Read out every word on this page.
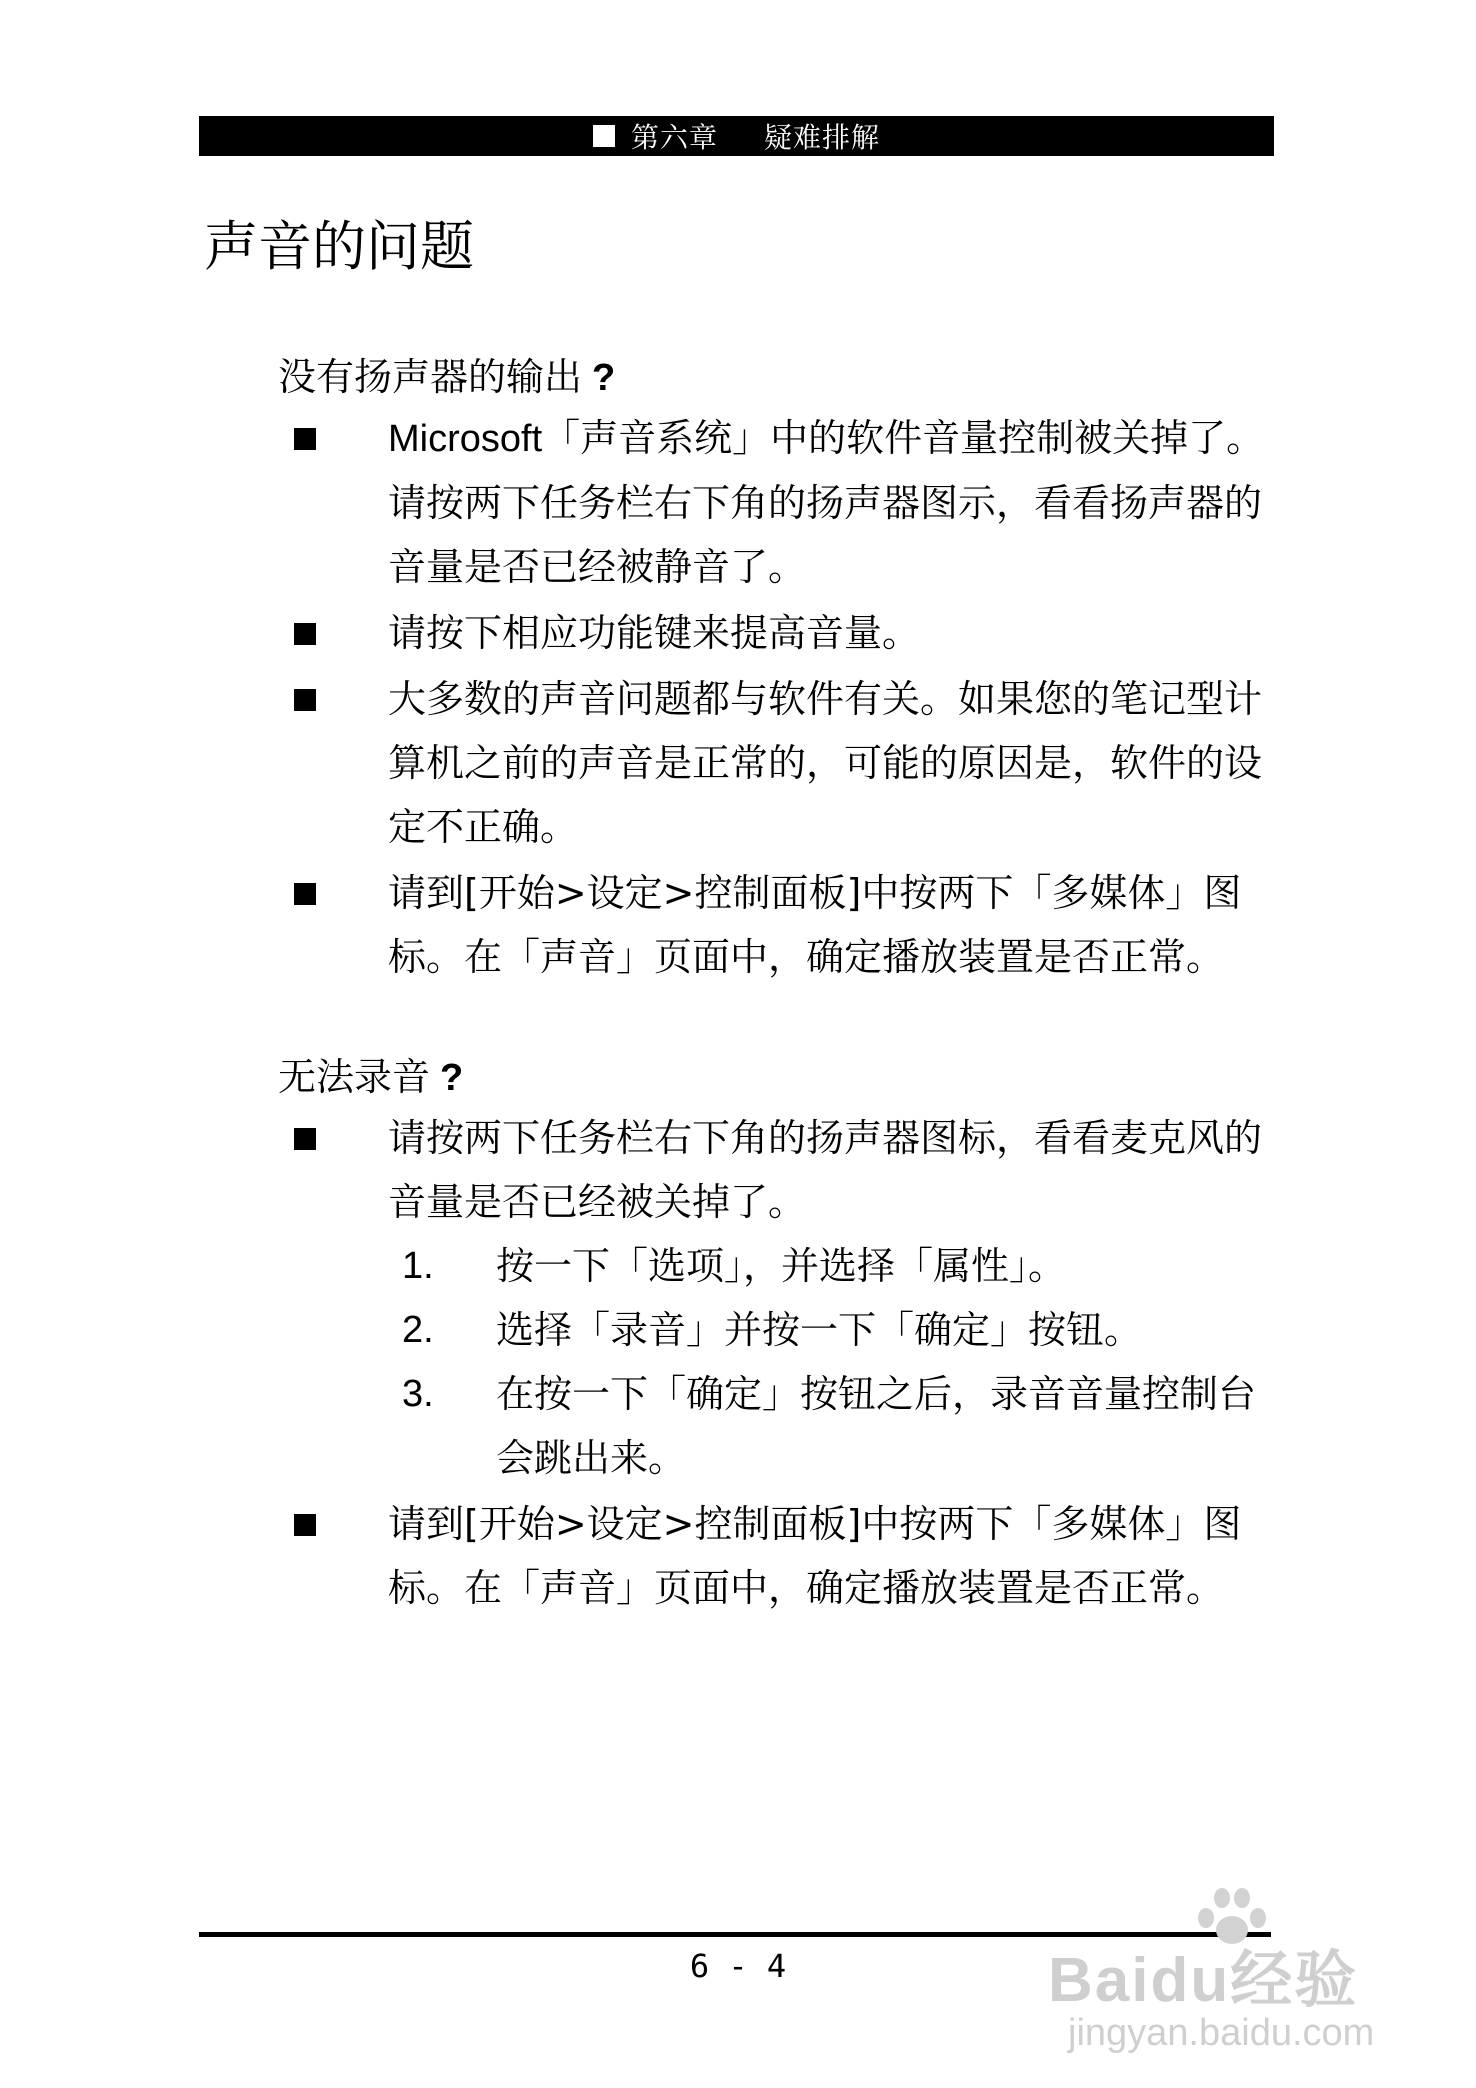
第六章 疑难排解
声音的问题
没有扬声器的输出 ?
Microsoft「声音系统」中的软件音量控制被关掉了。请按两下任务栏右下角的扬声器图示，看看扬声器的音量是否已经被静音了。
请按下相应功能键来提高音量。
大多数的声音问题都与软件有关。如果您的笔记型计算机之前的声音是正常的，可能的原因是，软件的设定不正确。
请到[开始>设定>控制面板]中按两下「多媒体」图标。在「声音」页面中，确定播放装置是否正常。
无法录音 ?
请按两下任务栏右下角的扬声器图标，看看麦克风的音量是否已经被关掉了。
1. 按一下「选项」，并选择「属性」。
2. 选择「录音」并按一下「确定」按钮。
3. 在按一下「确定」按钮之后，录音音量控制台会跳出来。
请到[开始>设定>控制面板]中按两下「多媒体」图标。在「声音」页面中，确定播放装置是否正常。
6 - 4	Baidu经验
jingyan.baidu.com
